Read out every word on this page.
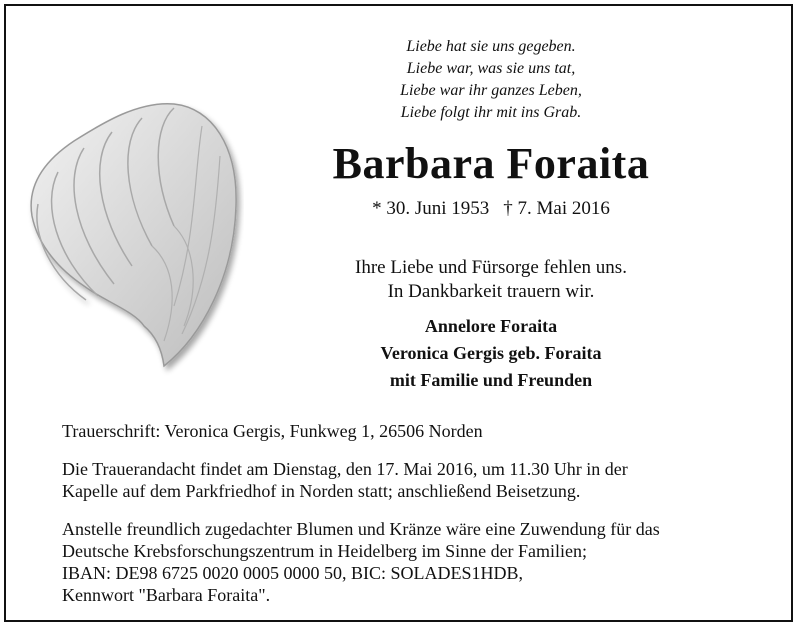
Liebe hat sie uns gegeben.
Liebe war, was sie uns tat,
Liebe war ihr ganzes Leben,
Liebe folgt ihr mit ins Grab.
Barbara Foraita
* 30. Juni 1953 † 7. Mai 2016
Ihre Liebe und Fürsorge fehlen uns.
In Dankbarkeit trauern wir.
Annelore Foraita
Veronica Gergis geb. Foraita
mit Familie und Freunden
Trauerschrift: Veronica Gergis, Funkweg 1, 26506 Norden
Die Trauerandacht findet am Dienstag, den 17. Mai 2016, um 11.30 Uhr in der
Kapelle auf dem Parkfriedhof in Norden statt; anschließend Beisetzung.
Anstelle freundlich zugedachter Blumen und Kränze wäre eine Zuwendung für das
Deutsche Krebsforschungszentrum in Heidelberg im Sinne der Familien;
IBAN: DE98 6725 0020 0005 0000 50, BIC: SOLADES1HDB,
Kennwort "Barbara Foraita".
